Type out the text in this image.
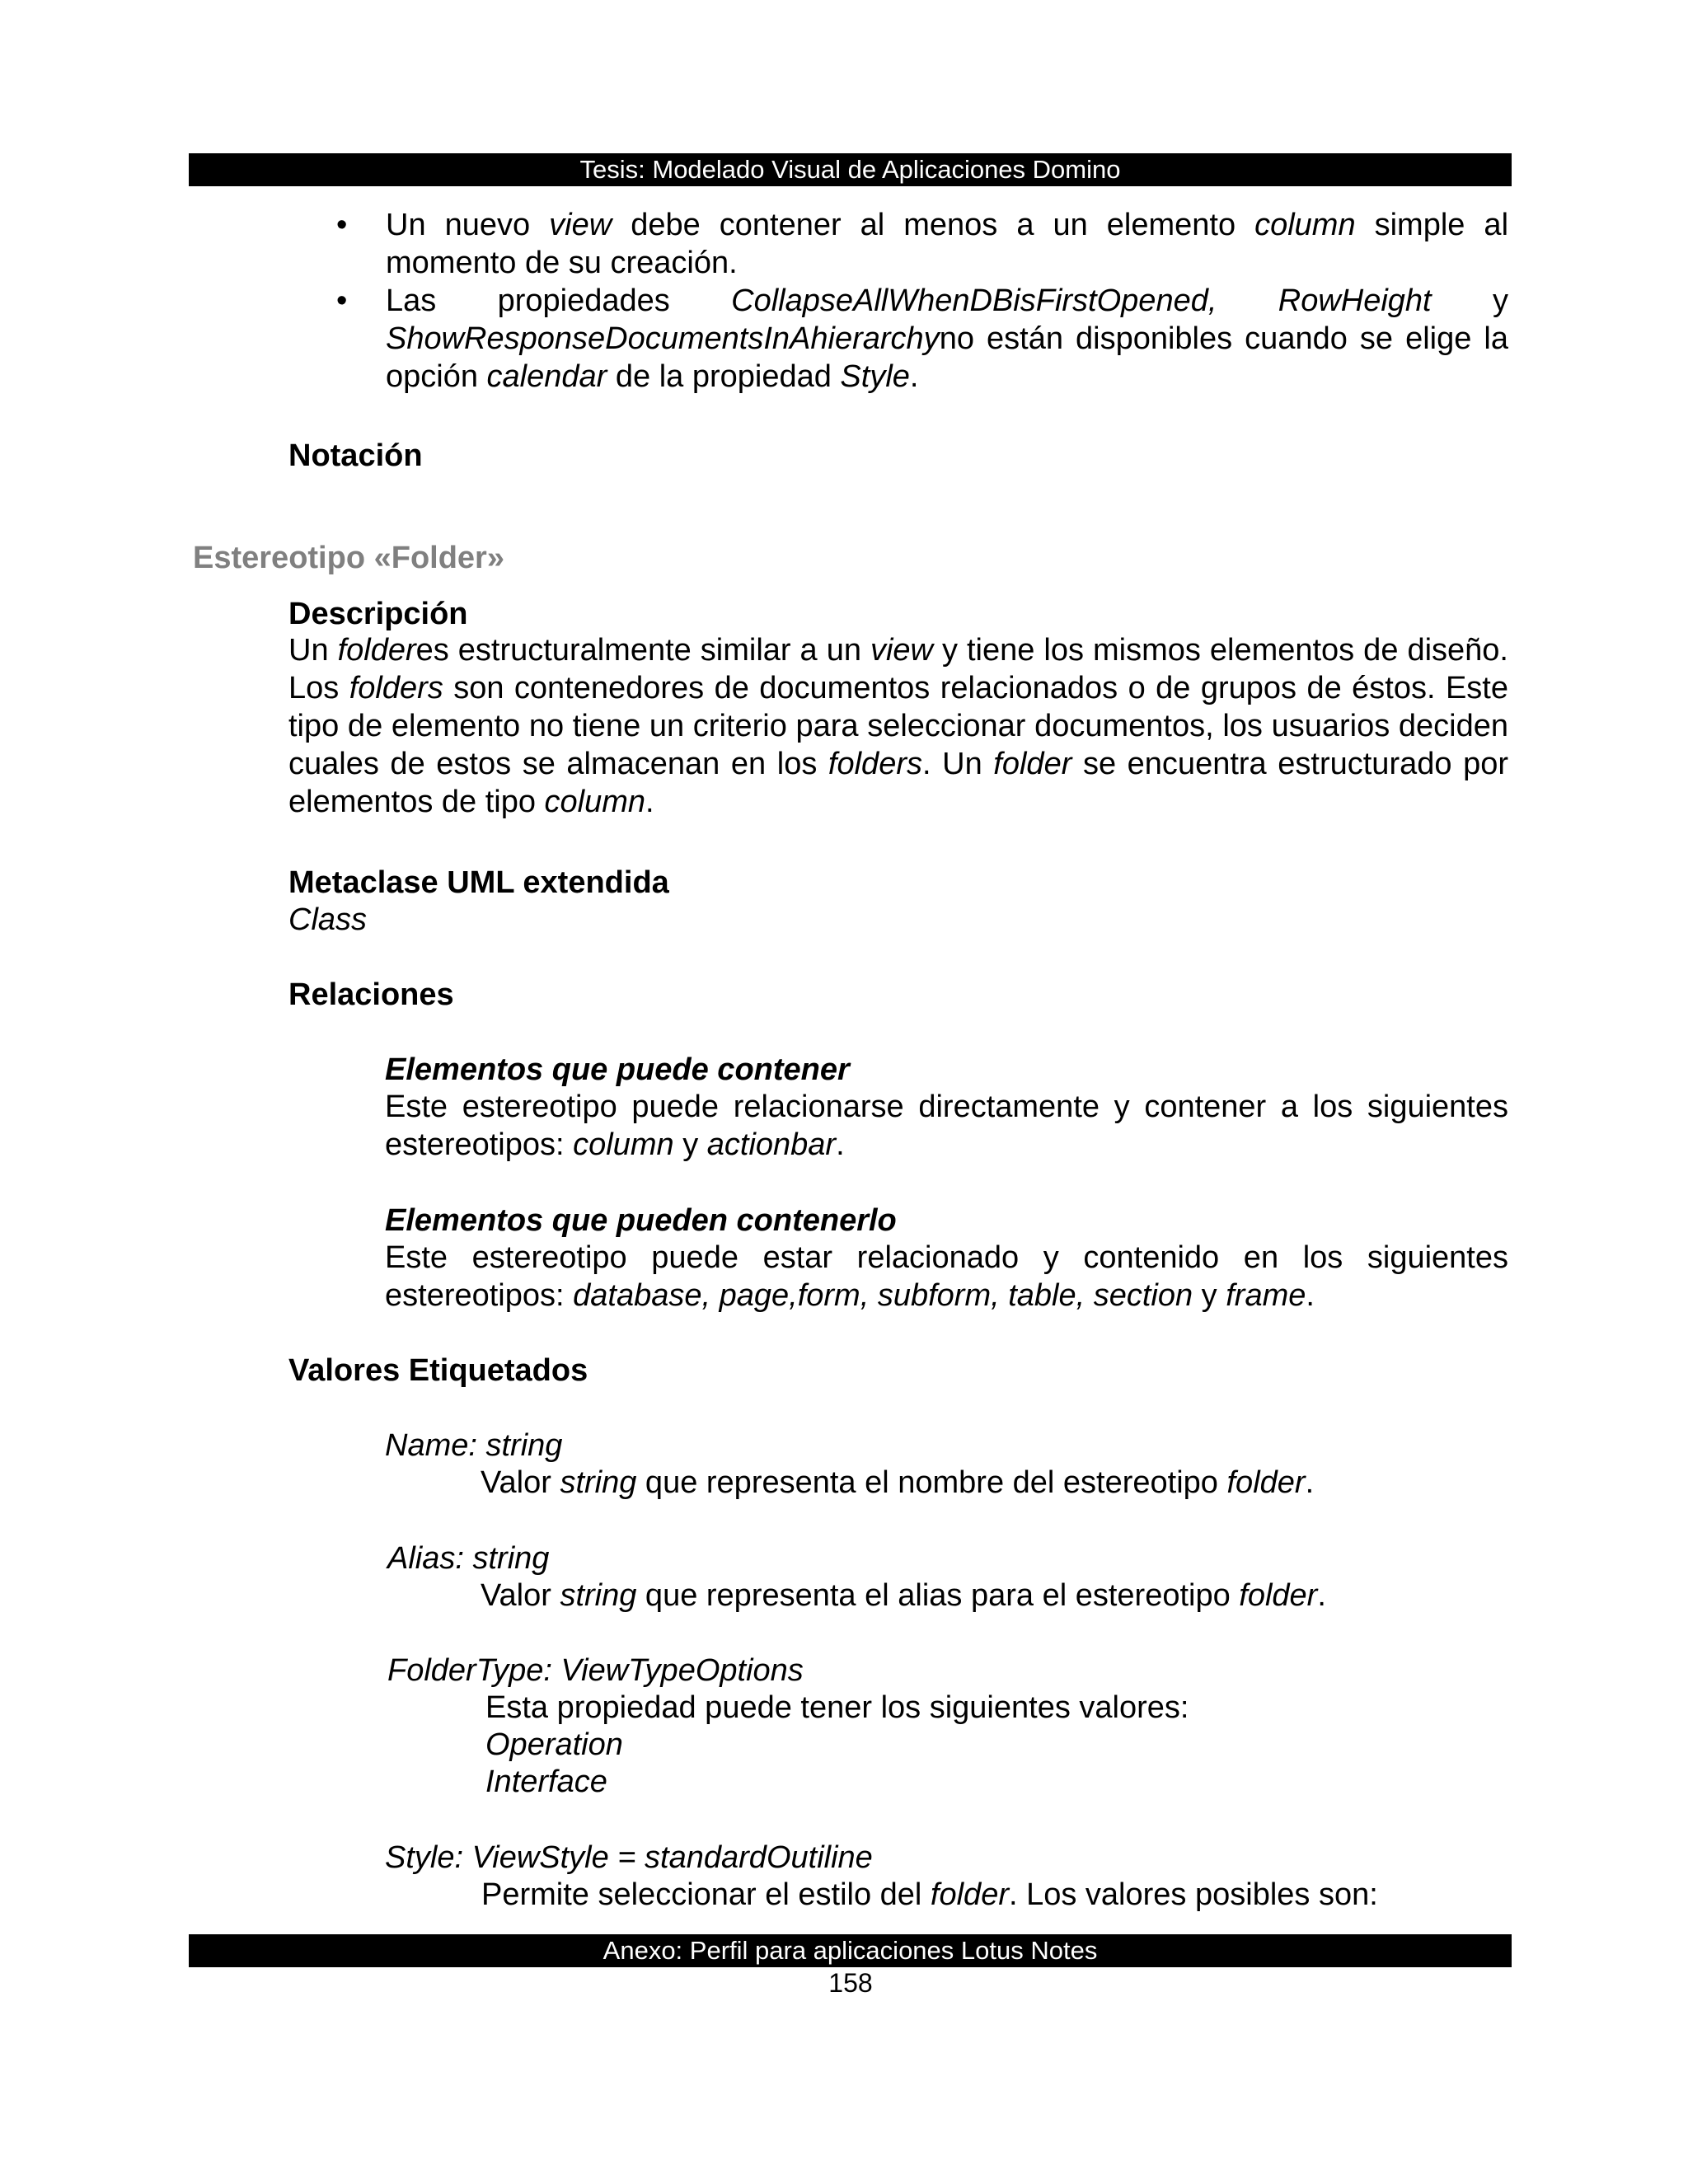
Tesis: Modelado Visual de Aplicaciones Domino
•	Un nuevo view debe contener al menos a un elemento column simple al momento de su creación.
•	Las propiedades CollapseAllWhenDBisFirstOpened, RowHeight y ShowResponseDocumentsInAhierarchyno están disponibles cuando se elige la opción calendar de la propiedad Style.
Notación
Estereotipo «Folder»
Descripción
Un folderes estructuralmente similar a un view y tiene los mismos elementos de diseño. Los folders son contenedores de documentos relacionados o de grupos de éstos. Este tipo de elemento no tiene un criterio para seleccionar documentos, los usuarios deciden cuales de estos se almacenan en los folders. Un folder se encuentra estructurado por elementos de tipo column.
Metaclase UML extendida
Class
Relaciones
Elementos que puede contener
Este estereotipo puede relacionarse directamente y contener a los siguientes estereotipos: column y actionbar.
Elementos que pueden contenerlo
Este estereotipo puede estar relacionado y contenido en los siguientes estereotipos: database, page,form, subform, table, section y frame.
Valores Etiquetados
Name: string
Valor string que representa el nombre del estereotipo folder.
Alias: string
Valor string que representa el alias para el estereotipo folder.
FolderType: ViewTypeOptions
Esta propiedad puede tener los siguientes valores:
Operation
Interface
Style: ViewStyle = standardOutiline
Permite seleccionar el estilo del folder. Los valores posibles son:
Anexo: Perfil para aplicaciones Lotus Notes
158
